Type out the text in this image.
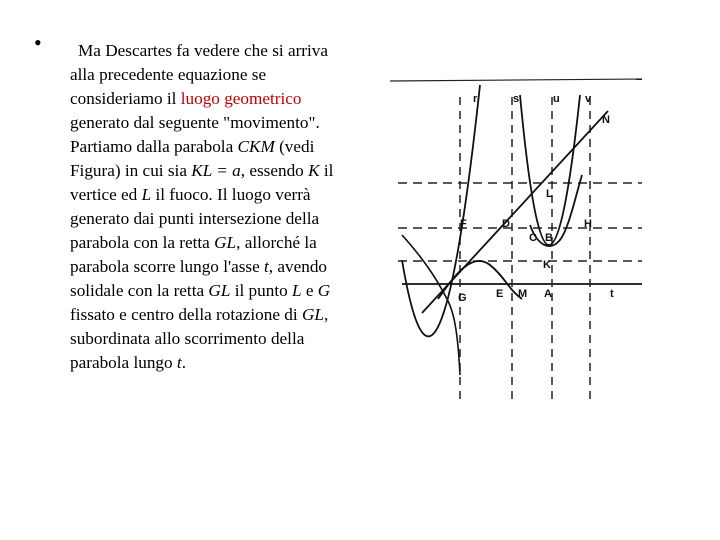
•	Ma Descartes fa vedere che si arriva alla precedente equazione se consideriamo il luogo geometrico generato dal seguente "movimento". Partiamo dalla parabola CKM (vedi Figura) in cui sia KL = a, essendo K il vertice ed L il fuoco. Il luogo verrà generato dai punti intersezione della parabola con la retta GL, allorché la parabola scorre lungo l'asse t, avendo solidale con la retta GL il punto L e G fissato e centro della rotazione di GL, subordinata allo scorrimento della parabola lungo t.
N
L
F	D
C B
H
K
G	E M A	t
r	s	u v
